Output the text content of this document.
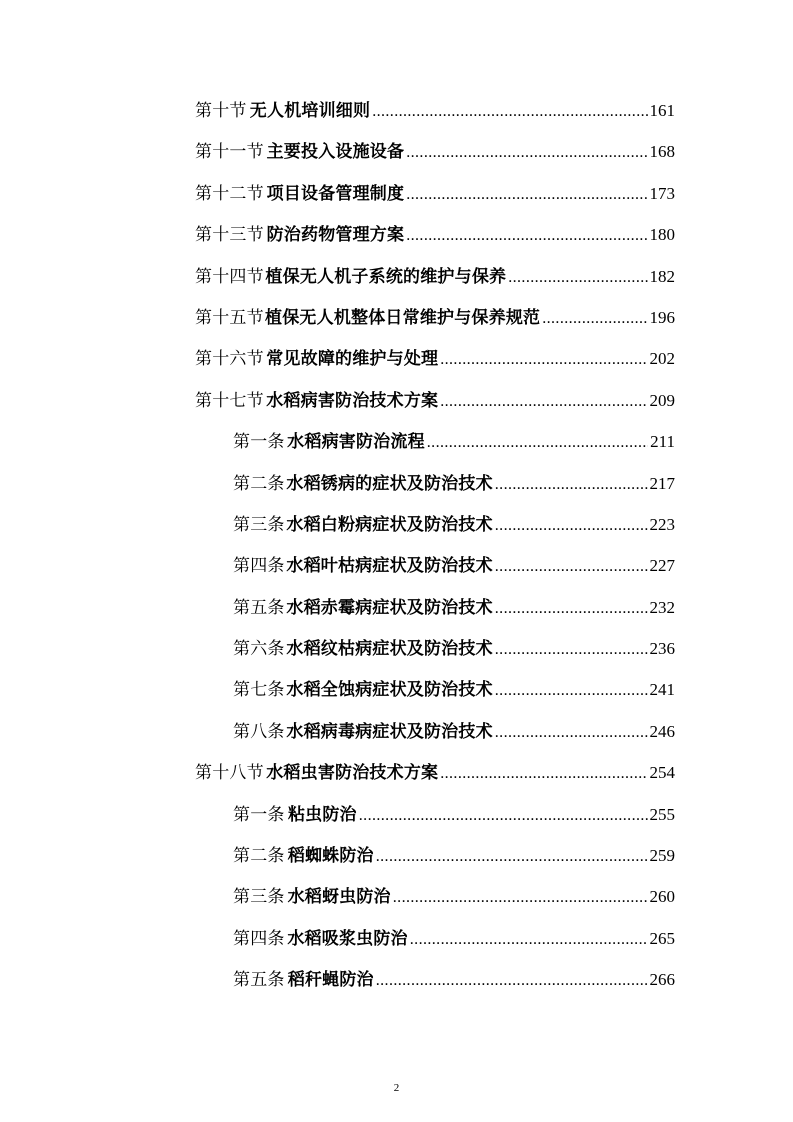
第十节 无人机培训细则 .....	161
第十一节 主要投入设施设备 .....	168
第十二节 项目设备管理制度 .....	173
第十三节 防治药物管理方案 .....	180
第十四节 植保无人机子系统的维护与保养 .....	182
第十五节 植保无人机整体日常维护与保养规范 .....	196
第十六节 常见故障的维护与处理 .....	202
第十七节 水稻病害防治技术方案 .....	209
第一条 水稻病害防治流程 .....	211
第二条 水稻锈病的症状及防治技术 .....	217
第三条 水稻白粉病症状及防治技术 .....	223
第四条 水稻叶枯病症状及防治技术 .....	227
第五条 水稻赤霉病症状及防治技术 .....	232
第六条 水稻纹枯病症状及防治技术 .....	236
第七条 水稻全蚀病症状及防治技术 .....	241
第八条 水稻病毒病症状及防治技术 .....	246
第十八节 水稻虫害防治技术方案 .....	254
第一条 粘虫防治 .....	255
第二条 稻蜘蛛防治 .....	259
第三条 水稻蚜虫防治 .....	260
第四条 水稻吸浆虫防治 .....	265
第五条 稻秆蝇防治 .....	266
2
